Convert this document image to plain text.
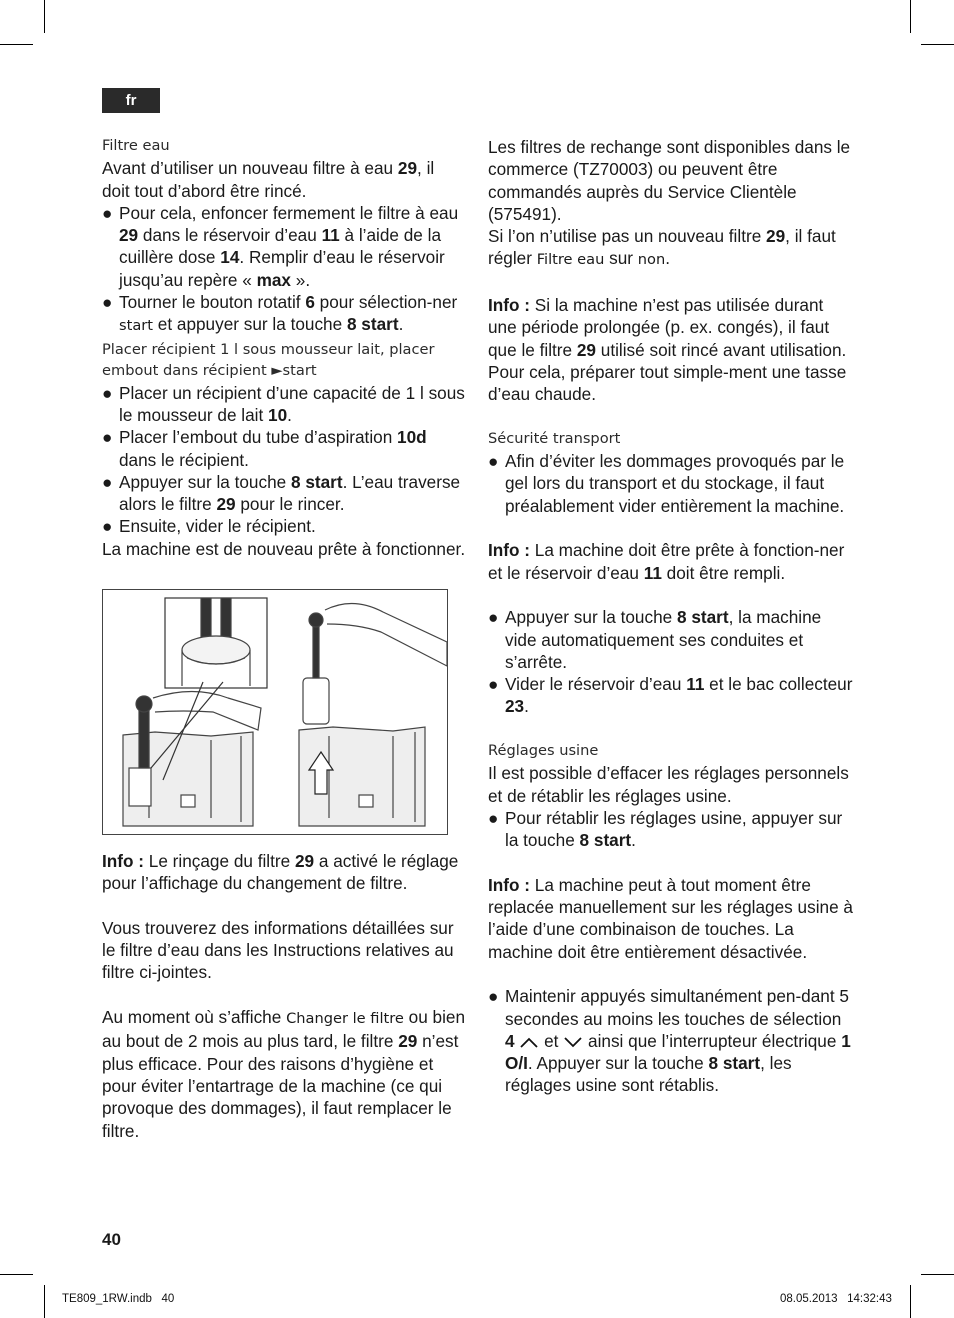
fr

Filtre eau

Avant d’utiliser un nouveau filtre à eau 29, il doit tout d’abord être rincé.

● Pour cela, enfoncer fermement le filtre à eau 29 dans le réservoir d’eau 11 à l’aide de la cuillère dose 14. Remplir d’eau le réservoir jusqu’au repère « max ».
● Tourner le bouton rotatif 6 pour sélection-ner start et appuyer sur la touche 8 start.

Placer récipient 1 l sous mousseur lait, placer embout dans récipient ►start

● Placer un récipient d’une capacité de 1 l sous le mousseur de lait 10.
● Placer l’embout du tube d’aspiration 10d dans le récipient.
● Appuyer sur la touche 8 start. L’eau traverse alors le filtre 29 pour le rincer.
● Ensuite, vider le récipient.

La machine est de nouveau prête à fonctionner.

Info : Le rinçage du filtre 29 a activé le réglage pour l’affichage du changement de filtre.

Vous trouverez des informations détaillées sur le filtre d’eau dans les Instructions relatives au filtre ci-jointes.

Au moment où s’affiche Changer le filtre ou bien au bout de 2 mois au plus tard, le filtre 29 n’est plus efficace. Pour des raisons d’hygiène et pour éviter l’entartrage de la machine (ce qui provoque des dommages), il faut remplacer le filtre.

Les filtres de rechange sont disponibles dans le commerce (TZ70003) ou peuvent être commandés auprès du Service Clientèle (575491).

Si l’on n’utilise pas un nouveau filtre 29, il faut régler Filtre eau sur non.

Info : Si la machine n’est pas utilisée durant une période prolongée (p. ex. congés), il faut que le filtre 29 utilisé soit rincé avant utilisation. Pour cela, préparer tout simple-ment une tasse d’eau chaude.

Sécurité transport

● Afin d’éviter les dommages provoqués par le gel lors du transport et du stockage, il faut préalablement vider entièrement la machine.

Info : La machine doit être prête à fonction-ner et le réservoir d’eau 11 doit être rempli.

● Appuyer sur la touche 8 start, la machine vide automatiquement ses conduites et s’arrête.
● Vider le réservoir d’eau 11 et le bac collecteur 23.

Réglages usine

Il est possible d’effacer les réglages personnels et de rétablir les réglages usine.

● Pour rétablir les réglages usine, appuyer sur la touche 8 start.

Info : La machine peut à tout moment être replacée manuellement sur les réglages usine à l’aide d’une combinaison de touches. La machine doit être entièrement désactivée.

● Maintenir appuyés simultanément pen-dant 5 secondes au moins les touches de sélection 4  et  ainsi que l’interrupteur électrique 1 O/I. Appuyer sur la touche 8 start, les réglages usine sont rétablis.
40
TE809_1RW.indb   40	08.05.2013   14:32:43
